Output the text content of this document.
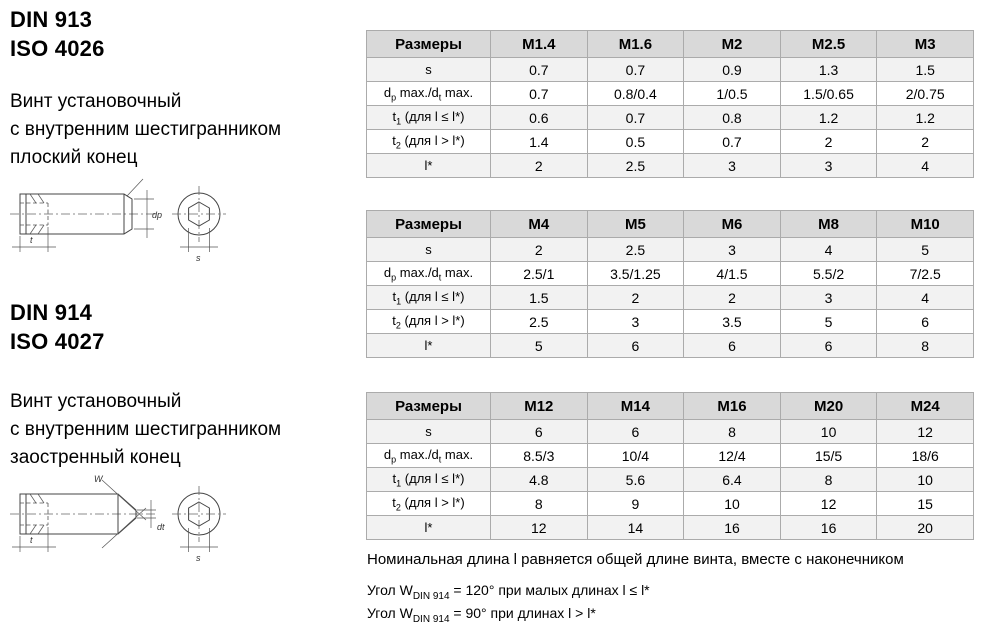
DIN 913
ISO 4026
Винт установочный
с внутренним шестигранником
плоский конец
t
dp
s
DIN 914
ISO 4027
Винт установочный
с внутренним шестигранником
заостренный конец
W
t
dt
s
Размеры	M1.4	M1.6	M2	M2.5	M3
s	0.7	0.7	0.9	1.3	1.5
$d_p$ $\max./d_t$ max.	0.7	0.8/0.4	1/0.5	1.5/0.65	2/0.75
$t_1$ (для l ≤ l*)	0.6	0.7	0.8	1.2	1.2
$t_2$ (для l > l*)	1.4	0.5	0.7	2	2
l*	2	2.5	3	3	4
Размеры	M4	M5	M6	M8	M10
s	2	2.5	3	4	5
$d_p$ $\max./d_t$ max.	2.5/1	3.5/1.25	4/1.5	5.5/2	7/2.5
$t_1$ (для l ≤ l*)	1.5	2	2	3	4
$t_2$ (для l > l*)	2.5	3	3.5	5	6
l*	5	6	6	6	8
Размеры	M12	M14	M16	M20	M24
s	6	6	8	10	12
$d_p$ $\max./d_t$ max.	8.5/3	10/4	12/4	15/5	18/6
$t_1$ (для l ≤ l*)	4.8	5.6	6.4	8	10
$t_2$ (для l > l*)	8	9	10	12	15
l*	12	14	16	16	20
Номинальная длина l равняется общей длине винта, вместе с наконечником
Угол $W_{DIN 914} = 120^\circ$ при малых длинах l ≤ l*
Угол $W_{DIN 914} = 90^\circ$ при длинах l > l*
